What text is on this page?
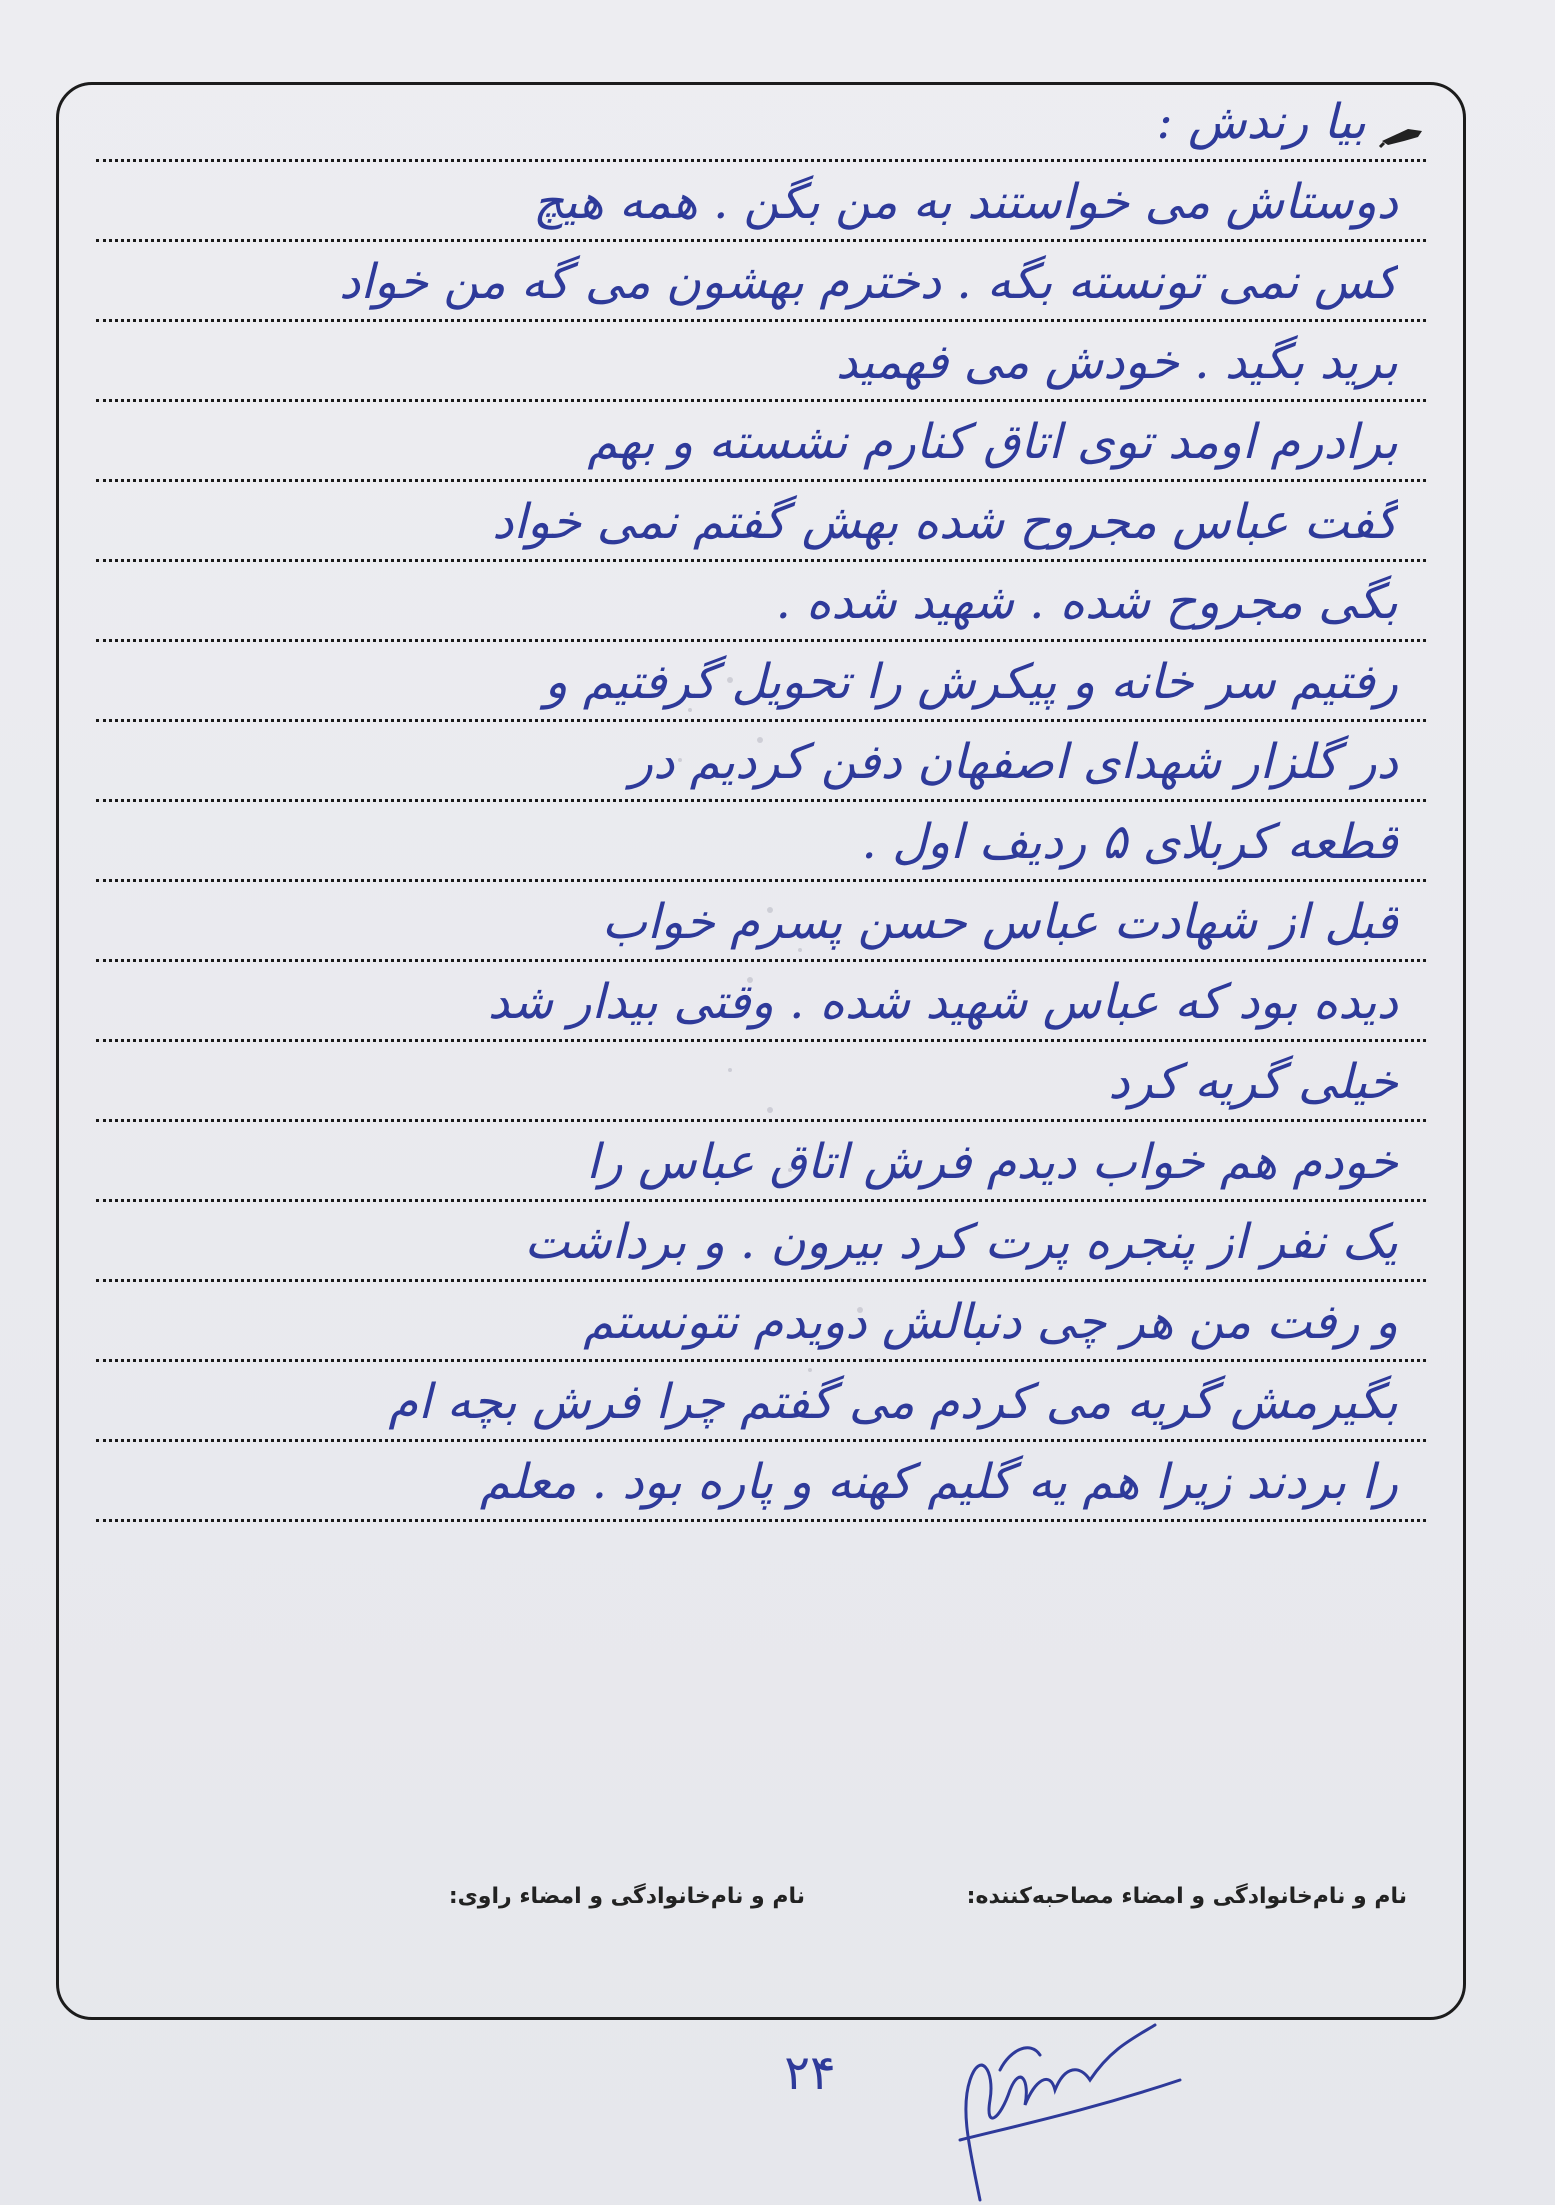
بیا رندش :
دوستاش می خواستند به من بگن . همه هیچ
کس نمی تونسته بگه . دخترم بهشون می گه من خواد
برید بگید . خودش می فهمید
برادرم اومد توی اتاق کنارم نشسته و بهم
گفت عباس مجروح شده بهش گفتم نمی خواد
بگی مجروح شده . شهید شده .
رفتیم سر خانه و پیکرش را تحویل گرفتیم و
در گلزار شهدای اصفهان دفن کردیم در
قطعه کربلای ۵ ردیف اول .
قبل از شهادت عباس حسن پسرم خواب
دیده بود که عباس شهید شده . وقتی بیدار شد
خیلی گریه کرد
خودم هم خواب دیدم فرش اتاق عباس را
یک نفر از پنجره پرت کرد بیرون . و برداشت
و رفت من هر چی دنبالش دویدم نتونستم
بگیرمش گریه می کردم می گفتم چرا فرش بچه ام
را بردند زیرا هم یه گلیم کهنه و پاره بود . معلم
نام و نام‌خانوادگی و امضاء مصاحبه‌کننده:
نام و نام‌خانوادگی و امضاء راوی:
۲۴
